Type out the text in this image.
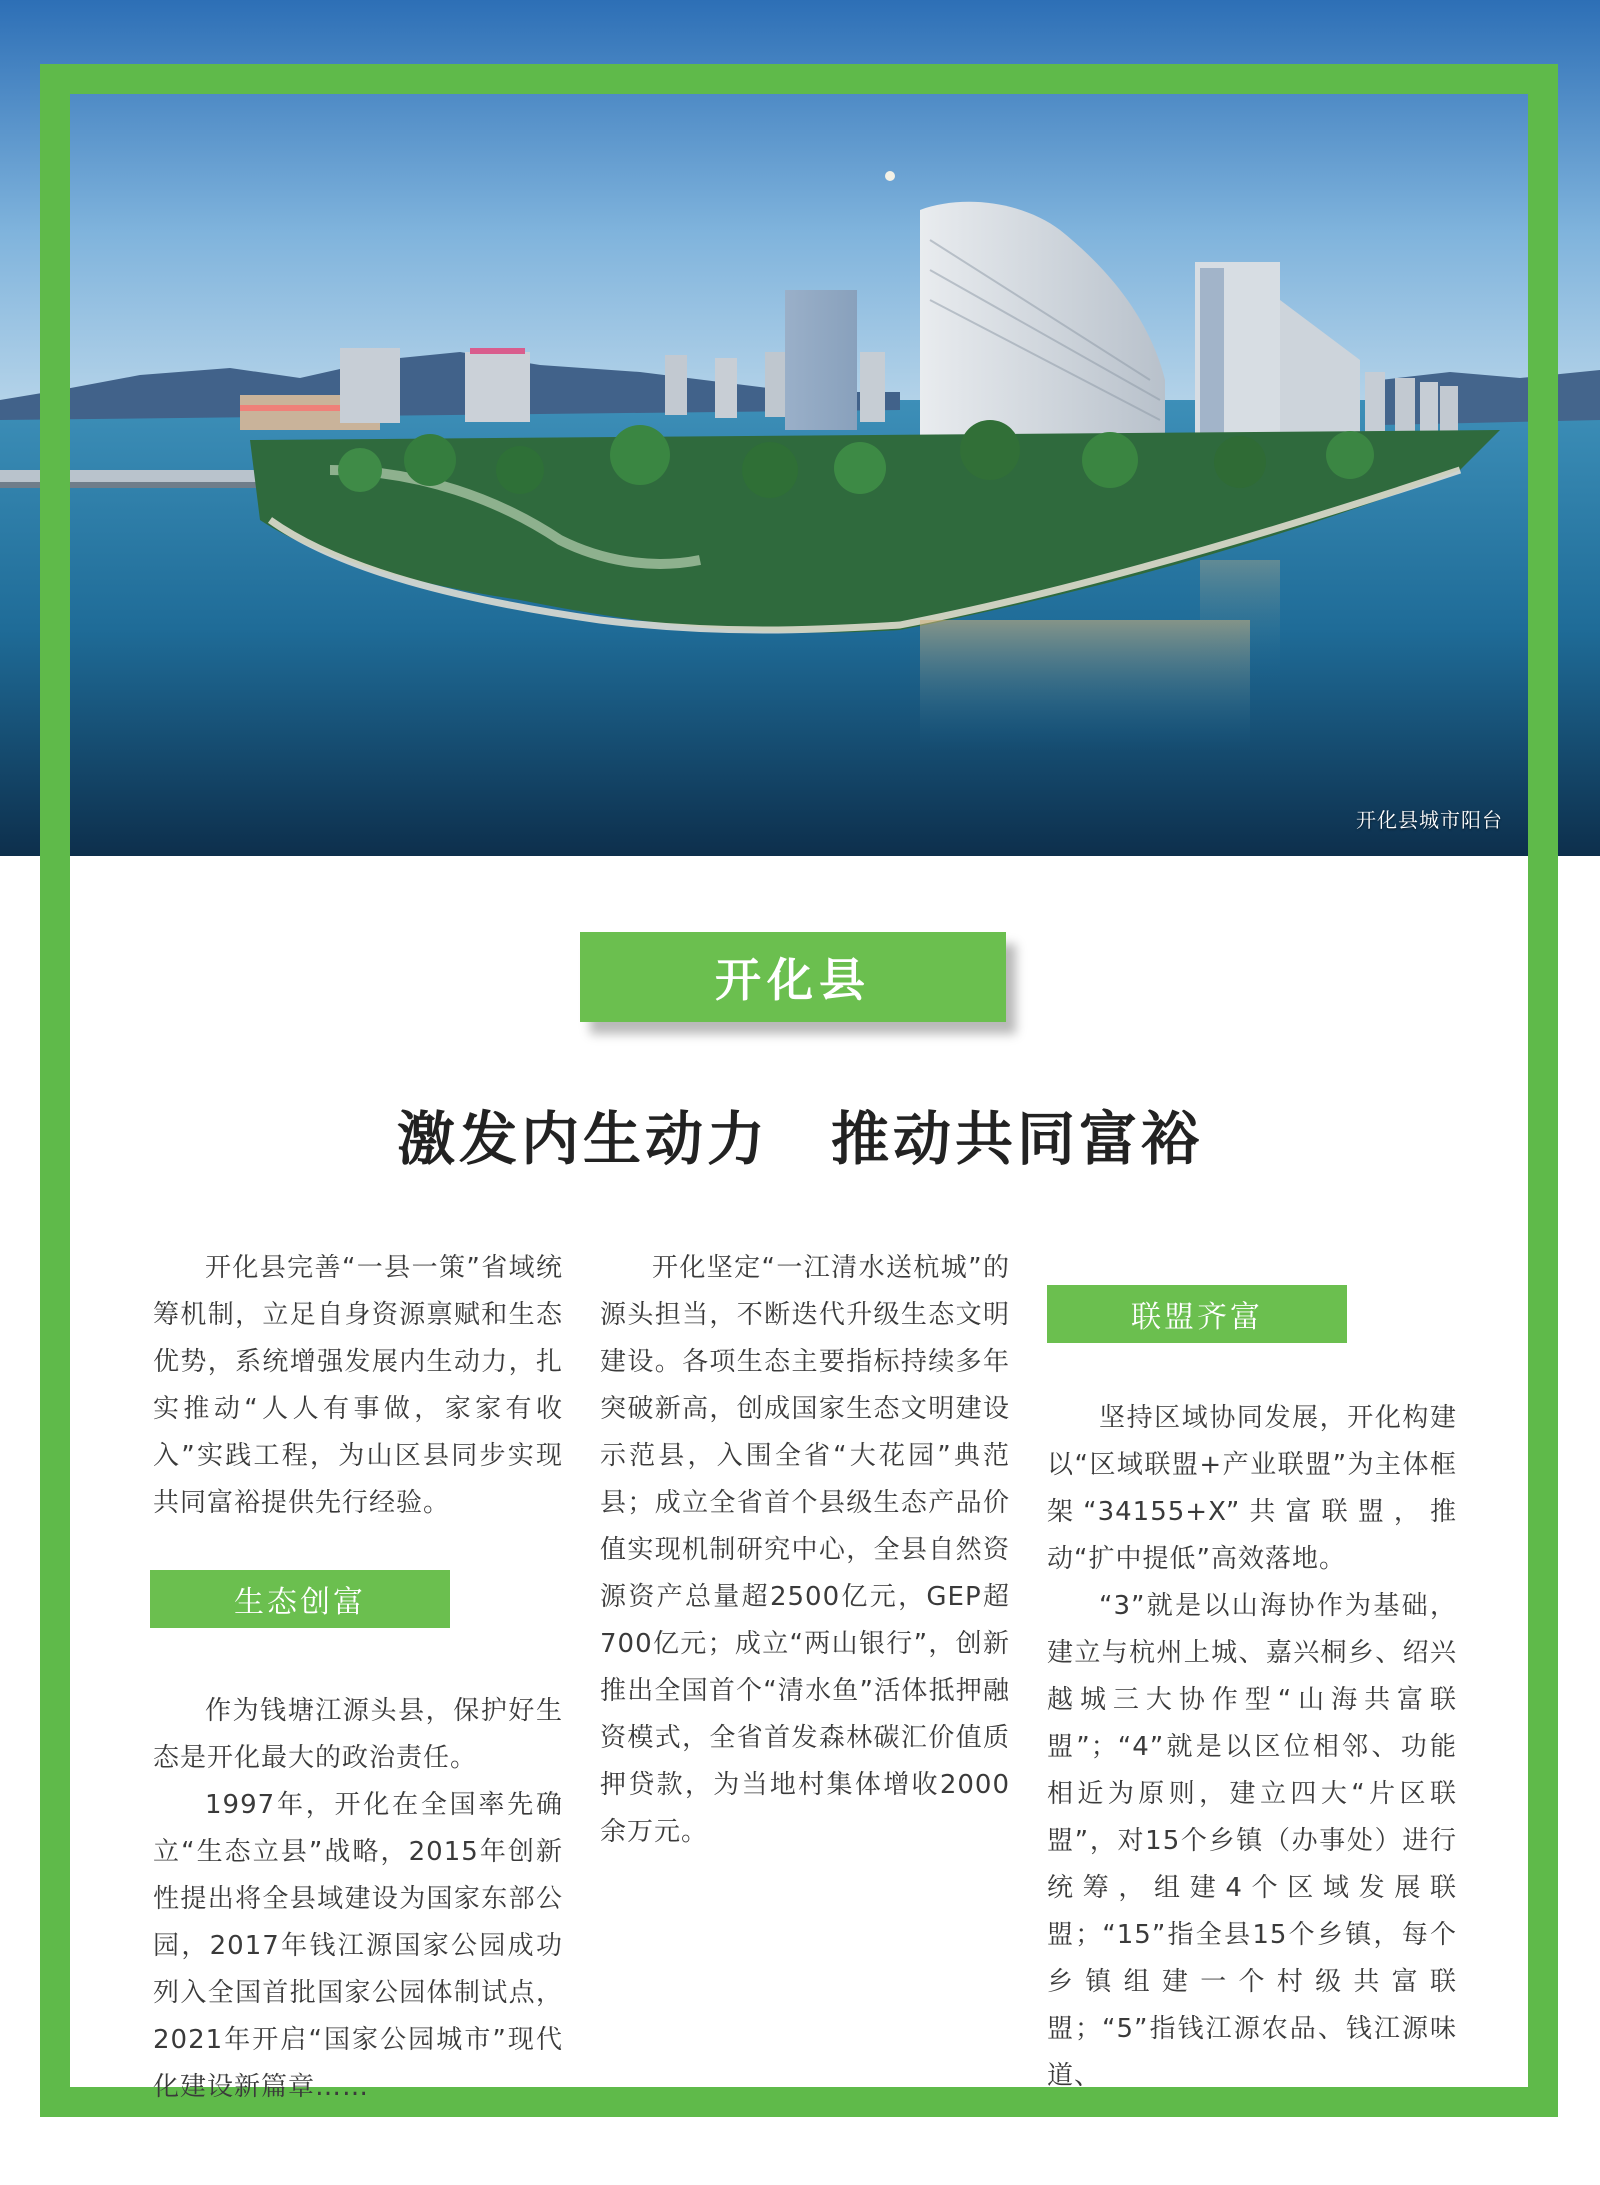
开化县城市阳台
开化县
激发内生动力　推动共同富裕

开化县完善“一县一策”省域统筹机制，立足自身资源禀赋和生态优势，系统增强发展内生动力，扎实推动“人人有事做，家家有收入”实践工程，为山区县同步实现共同富裕提供先行经验。

生态创富

作为钱塘江源头县，保护好生态是开化最大的政治责任。

1997年，开化在全国率先确立“生态立县”战略，2015年创新性提出将全县域建设为国家东部公园，2017年钱江源国家公园成功列入全国首批国家公园体制试点，2021年开启“国家公园城市”现代化建设新篇章……

开化坚定“一江清水送杭城”的源头担当，不断迭代升级生态文明建设。各项生态主要指标持续多年突破新高，创成国家生态文明建设示范县，入围全省“大花园”典范县；成立全省首个县级生态产品价值实现机制研究中心，全县自然资源资产总量超2500亿元，GEP超700亿元；成立“两山银行”，创新推出全国首个“清水鱼”活体抵押融资模式，全省首发森林碳汇价值质押贷款，为当地村集体增收2000余万元。

联盟齐富

坚持区域协同发展，开化构建以“区域联盟+产业联盟”为主体框架“34155+X”共富联盟，推动“扩中提低”高效落地。

“3”就是以山海协作为基础，建立与杭州上城、嘉兴桐乡、绍兴越城三大协作型“山海共富联盟”；“4”就是以区位相邻、功能相近为原则，建立四大“片区联盟”，对15个乡镇（办事处）进行统筹，组建4个区域发展联盟；“15”指全县15个乡镇，每个乡镇组建一个村级共富联盟；“5”指钱江源农品、钱江源味道、
